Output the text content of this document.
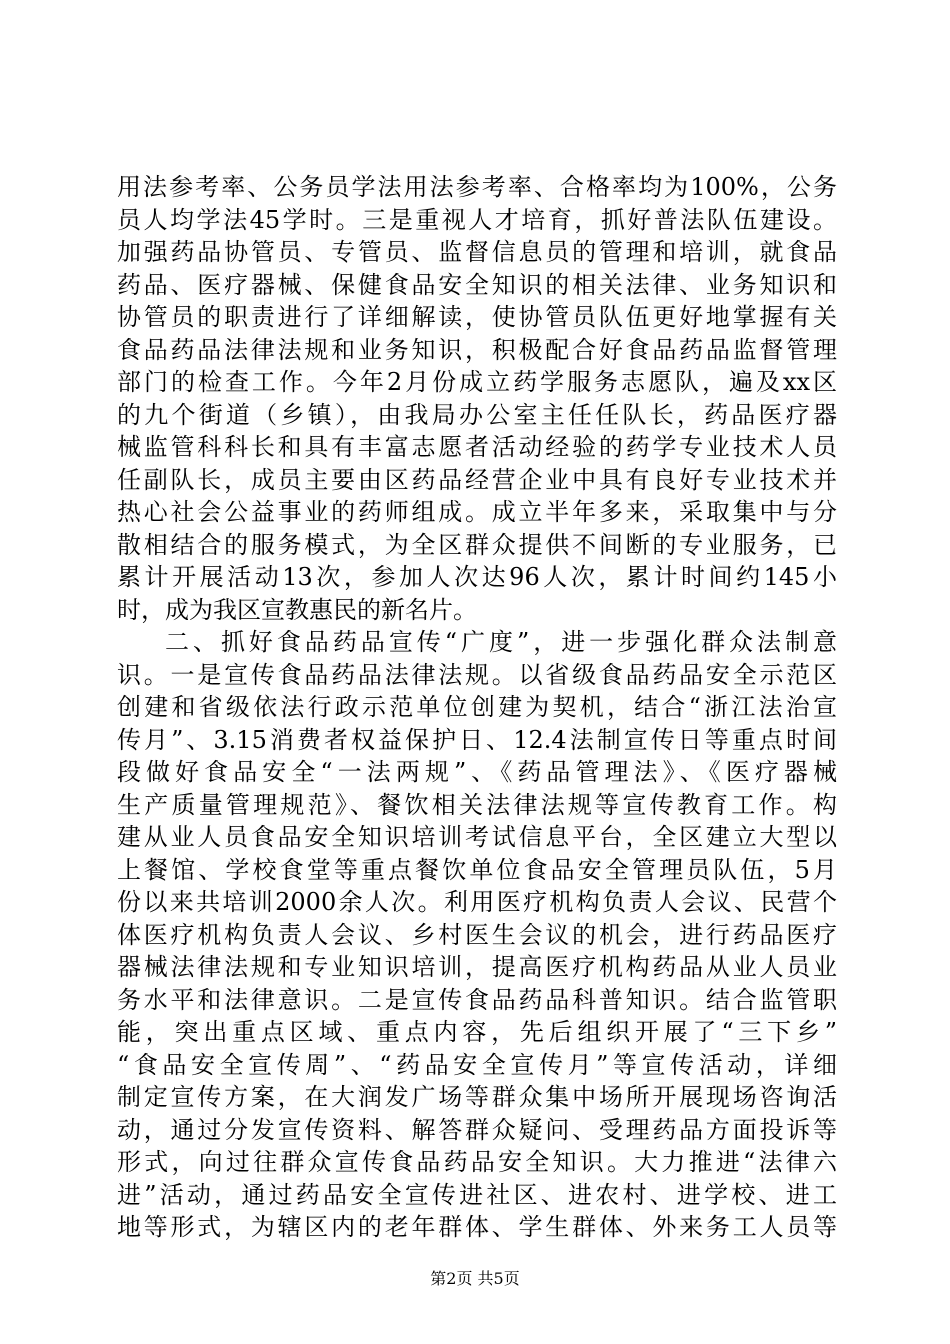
用法参考率、公务员学法用法参考率、合格率均为100%，公务
员人均学法45学时。三是重视人才培育，抓好普法队伍建设。
加强药品协管员、专管员、监督信息员的管理和培训，就食品
药品、医疗器械、保健食品安全知识的相关法律、业务知识和
协管员的职责进行了详细解读，使协管员队伍更好地掌握有关
食品药品法律法规和业务知识，积极配合好食品药品监督管理
部门的检查工作。今年2月份成立药学服务志愿队，遍及xx区
的九个街道（乡镇），由我局办公室主任任队长，药品医疗器
械监管科科长和具有丰富志愿者活动经验的药学专业技术人员
任副队长，成员主要由区药品经营企业中具有良好专业技术并
热心社会公益事业的药师组成。成立半年多来，采取集中与分
散相结合的服务模式，为全区群众提供不间断的专业服务，已
累计开展活动13次，参加人次达96人次，累计时间约145小
时，成为我区宣教惠民的新名片。
二、抓好食品药品宣传“广度”，进一步强化群众法制意
识。一是宣传食品药品法律法规。以省级食品药品安全示范区
创建和省级依法行政示范单位创建为契机，结合“浙江法治宣
传月”、3.15消费者权益保护日、12.4法制宣传日等重点时间
段做好食品安全“一法两规”、《药品管理法》、《医疗器械
生产质量管理规范》、餐饮相关法律法规等宣传教育工作。构
建从业人员食品安全知识培训考试信息平台，全区建立大型以
上餐馆、学校食堂等重点餐饮单位食品安全管理员队伍，5月
份以来共培训2000余人次。利用医疗机构负责人会议、民营个
体医疗机构负责人会议、乡村医生会议的机会，进行药品医疗
器械法律法规和专业知识培训，提高医疗机构药品从业人员业
务水平和法律意识。二是宣传食品药品科普知识。结合监管职
能，突出重点区域、重点内容，先后组织开展了“三下乡”
“食品安全宣传周”、“药品安全宣传月”等宣传活动，详细
制定宣传方案，在大润发广场等群众集中场所开展现场咨询活
动，通过分发宣传资料、解答群众疑问、受理药品方面投诉等
形式，向过往群众宣传食品药品安全知识。大力推进“法律六
进”活动，通过药品安全宣传进社区、进农村、进学校、进工
地等形式，为辖区内的老年群体、学生群体、外来务工人员等
第2页 共5页
